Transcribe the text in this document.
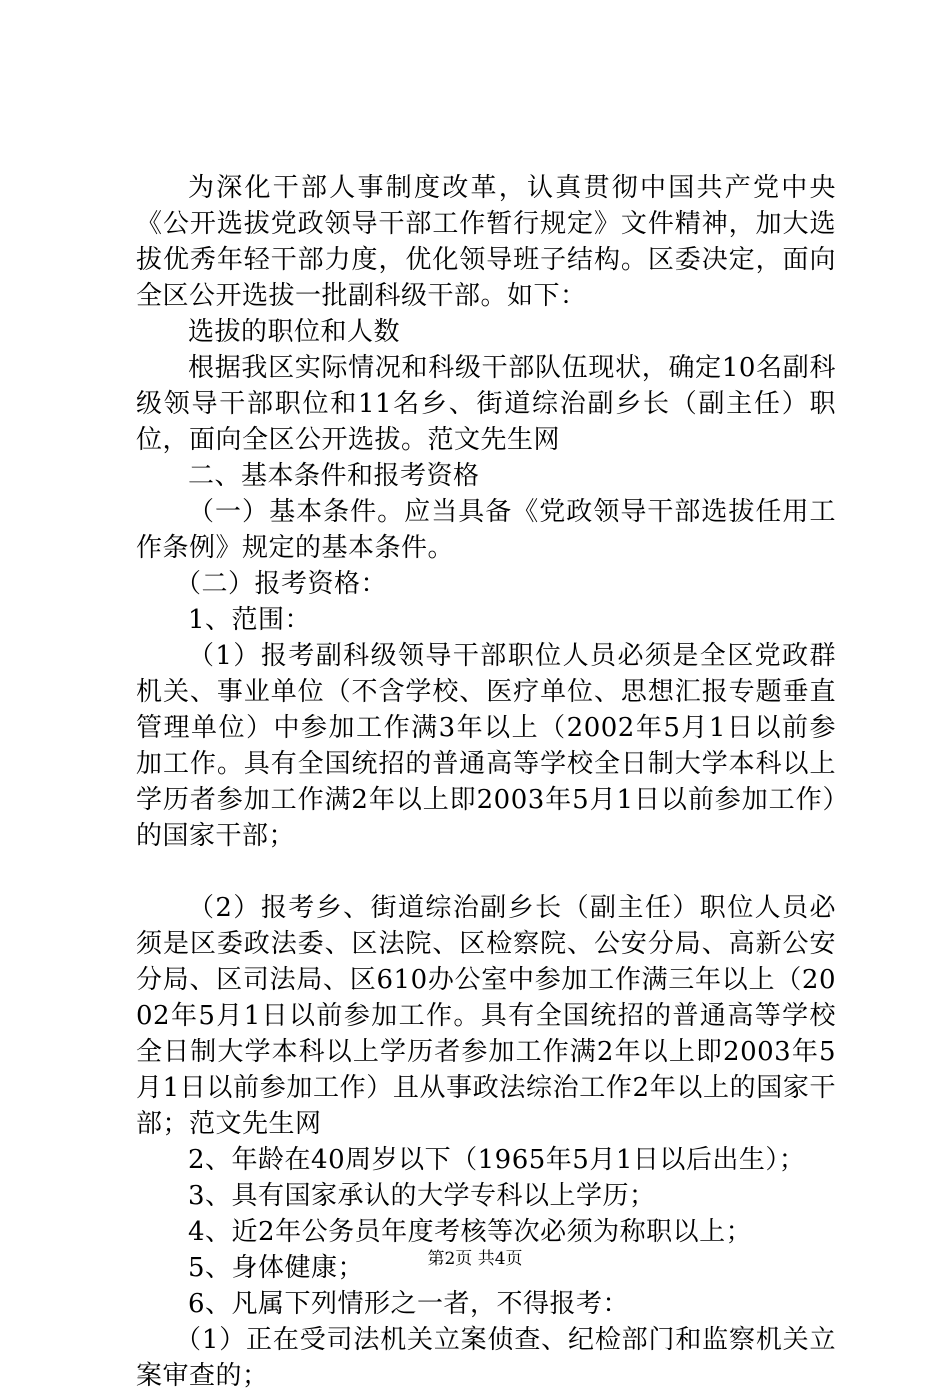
为深化干部人事制度改革，认真贯彻中国共产党中央《公开选拔党政领导干部工作暂行规定》文件精神，加大选拔优秀年轻干部力度，优化领导班子结构。区委决定，面向全区公开选拔一批副科级干部。如下：

选拔的职位和人数

根据我区实际情况和科级干部队伍现状，确定10名副科级领导干部职位和11名乡、街道综治副乡长（副主任）职位，面向全区公开选拔。范文先生网

二、基本条件和报考资格

（一）基本条件。应当具备《党政领导干部选拔任用工作条例》规定的基本条件。

（二）报考资格：

1、范围：

（1）报考副科级领导干部职位人员必须是全区党政群机关、事业单位（不含学校、医疗单位、思想汇报专题垂直管理单位）中参加工作满3年以上（2002年5月1日以前参加工作。具有全国统招的普通高等学校全日制大学本科以上学历者参加工作满2年以上即2003年5月1日以前参加工作）的国家干部；

（2）报考乡、街道综治副乡长（副主任）职位人员必须是区委政法委、区法院、区检察院、公安分局、高新公安分局、区司法局、区610办公室中参加工作满三年以上（2002年5月1日以前参加工作。具有全国统招的普通高等学校全日制大学本科以上学历者参加工作满2年以上即2003年5月1日以前参加工作）且从事政法综治工作2年以上的国家干部；范文先生网

2、年龄在40周岁以下（1965年5月1日以后出生）；

3、具有国家承认的大学专科以上学历；

4、近2年公务员年度考核等次必须为称职以上；

5、身体健康；

6、凡属下列情形之一者，不得报考：

（1）正在受司法机关立案侦查、纪检部门和监察机关立案审查的；

第2页 共4页
